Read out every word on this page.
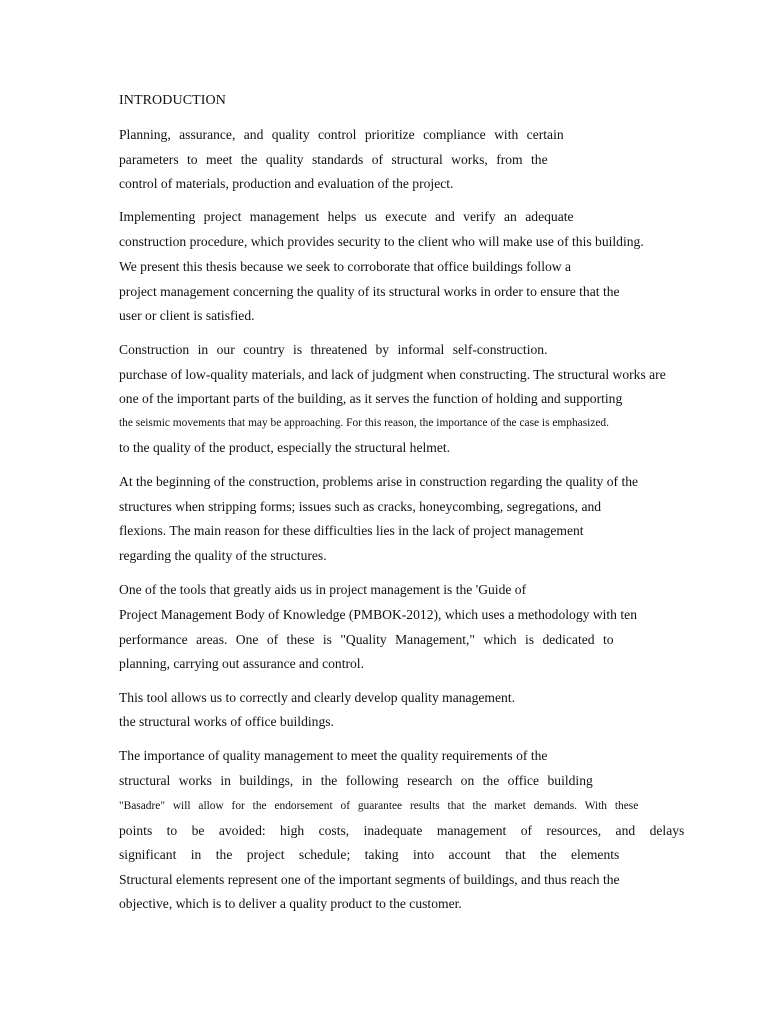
INTRODUCTION
Planning, assurance, and quality control prioritize compliance with certain
parameters to meet the quality standards of structural works, from the
control of materials, production and evaluation of the project.
Implementing project management helps us execute and verify an adequate
construction procedure, which provides security to the client who will make use of this building.
We present this thesis because we seek to corroborate that office buildings follow a
project management concerning the quality of its structural works in order to ensure that the
user or client is satisfied.
Construction in our country is threatened by informal self-construction.
purchase of low-quality materials, and lack of judgment when constructing. The structural works are
one of the important parts of the building, as it serves the function of holding and supporting
the seismic movements that may be approaching. For this reason, the importance of the case is emphasized.
to the quality of the product, especially the structural helmet.
At the beginning of the construction, problems arise in construction regarding the quality of the
structures when stripping forms; issues such as cracks, honeycombing, segregations, and
flexions. The main reason for these difficulties lies in the lack of project management
regarding the quality of the structures.
One of the tools that greatly aids us in project management is the 'Guide of
Project Management Body of Knowledge (PMBOK-2012), which uses a methodology with ten
performance areas. One of these is "Quality Management," which is dedicated to
planning, carrying out assurance and control.
This tool allows us to correctly and clearly develop quality management.
the structural works of office buildings.
The importance of quality management to meet the quality requirements of the
structural works in buildings, in the following research on the office building
"Basadre" will allow for the endorsement of guarantee results that the market demands. With these
points to be avoided: high costs, inadequate management of resources, and delays
significant in the project schedule; taking into account that the elements
Structural elements represent one of the important segments of buildings, and thus reach the
objective, which is to deliver a quality product to the customer.
